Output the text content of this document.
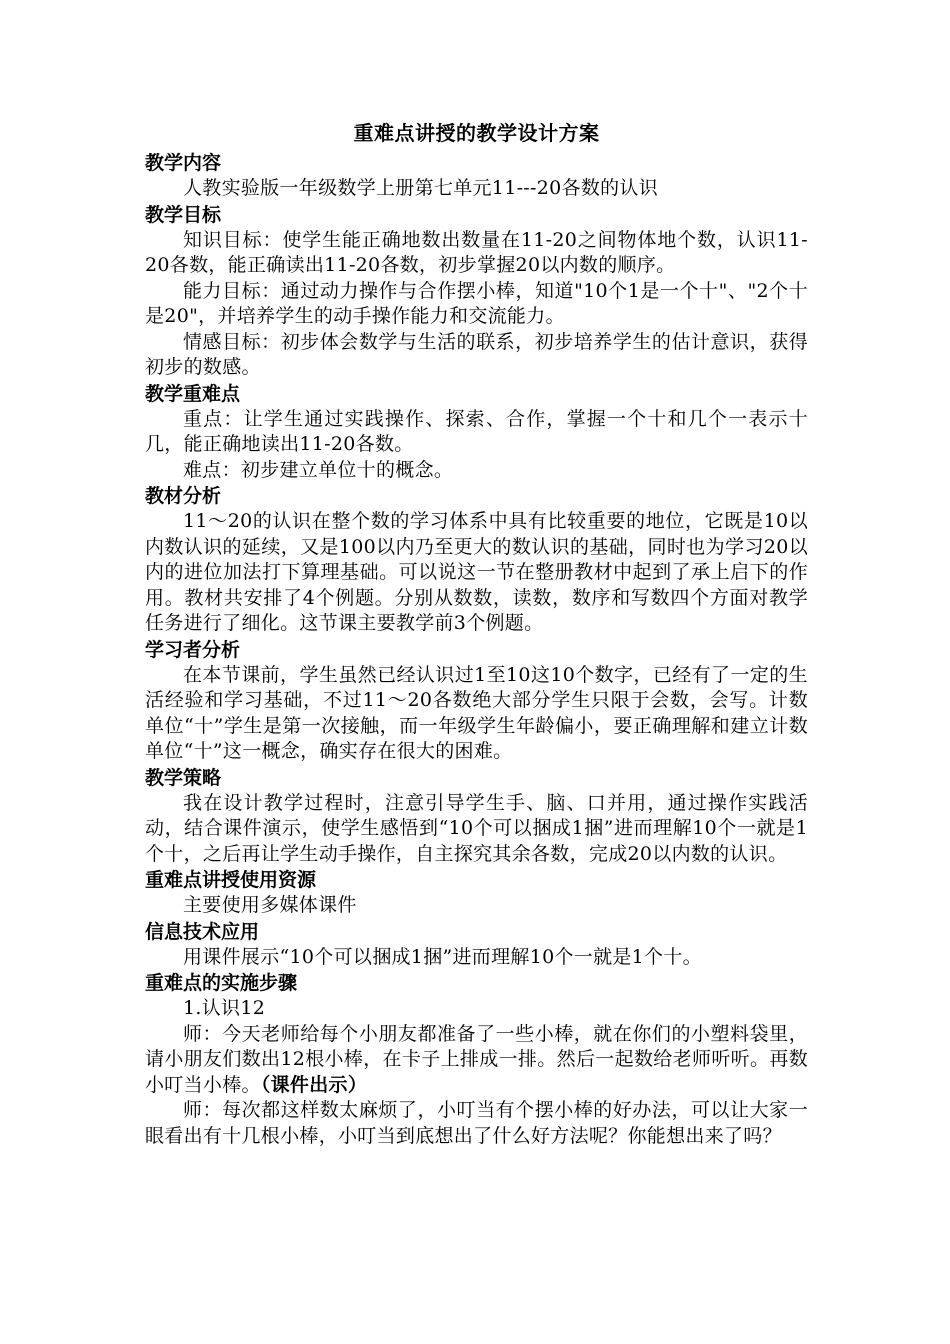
重难点讲授的教学设计方案
教学内容

人教实验版一年级数学上册第七单元11---20各数的认识

教学目标

知识目标：使学生能正确地数出数量在11-20之间物体地个数，认识11-20各数，能正确读出11-20各数，初步掌握20以内数的顺序。

能力目标：通过动力操作与合作摆小棒，知道"10个1是一个十"、"2个十是20"，并培养学生的动手操作能力和交流能力。

情感目标：初步体会数学与生活的联系，初步培养学生的估计意识，获得初步的数感。

教学重难点

重点：让学生通过实践操作、探索、合作，掌握一个十和几个一表示十几，能正确地读出11-20各数。

难点：初步建立单位十的概念。

教材分析

11～20的认识在整个数的学习体系中具有比较重要的地位，它既是10以内数认识的延续，又是100以内乃至更大的数认识的基础，同时也为学习20以内的进位加法打下算理基础。可以说这一节在整册教材中起到了承上启下的作用。教材共安排了4个例题。分别从数数，读数，数序和写数四个方面对教学任务进行了细化。这节课主要教学前3个例题。

学习者分析

在本节课前，学生虽然已经认识过1至10这10个数字，已经有了一定的生活经验和学习基础，不过11～20各数绝大部分学生只限于会数，会写。计数单位“十”学生是第一次接触，而一年级学生年龄偏小，要正确理解和建立计数单位“十”这一概念，确实存在很大的困难。

教学策略

我在设计教学过程时，注意引导学生手、脑、口并用，通过操作实践活动，结合课件演示，使学生感悟到“10个可以捆成1捆”进而理解10个一就是1个十，之后再让学生动手操作，自主探究其余各数，完成20以内数的认识。

重难点讲授使用资源

主要使用多媒体课件

信息技术应用

用课件展示“10个可以捆成1捆”进而理解10个一就是1个十。

重难点的实施步骤

1.认识12

师：今天老师给每个小朋友都准备了一些小棒，就在你们的小塑料袋里，请小朋友们数出12根小棒，在卡子上排成一排。然后一起数给老师听听。再数小叮当小棒。（课件出示）

师：每次都这样数太麻烦了，小叮当有个摆小棒的好办法，可以让大家一眼看出有十几根小棒，小叮当到底想出了什么好方法呢？你能想出来了吗？
